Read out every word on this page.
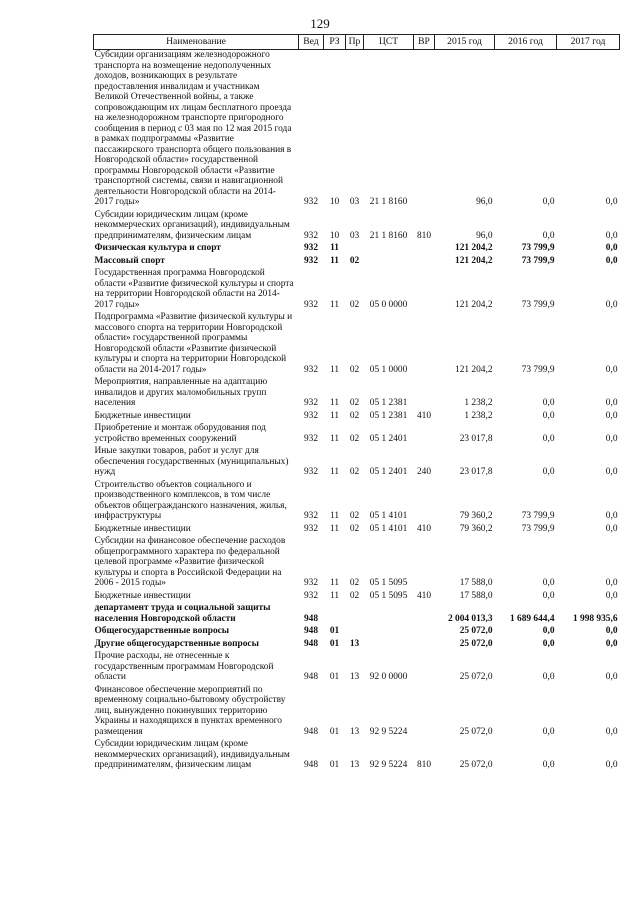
129
Наименование	Вед	РЗ	Пр	ЦСТ	ВР	2015 год	2016 год	2017 год
Субсидии организациям железнодорожного транспорта на возмещение недополученных доходов, возникающих в результате предоставления инвалидам и участникам Великой Отечественной войны, а также сопровождающим их лицам бесплатного проезда на железнодорожном транспорте пригородного сообщения в период с 03 мая по 12 мая 2015 года в рамках подпрограммы «Развитие пассажирского транспорта общего пользования в Новгородской области» государственной программы Новгородской области «Развитие транспортной системы, связи и навигационной деятельности Новгородской области на 2014-2017 годы»	932	10	03	21 1 8160		96,0	0,0	0,0
Субсидии юридическим лицам (кроме некоммерческих организаций), индивидуальным предпринимателям, физическим лицам	932	10	03	21 1 8160	810	96,0	0,0	0,0
Физическая культура и спорт	932	11				121 204,2	73 799,9	0,0
Массовый спорт	932	11	02			121 204,2	73 799,9	0,0
Государственная программа Новгородской области «Развитие физической культуры и спорта на территории Новгородской области на 2014-2017 годы»	932	11	02	05 0 0000		121 204,2	73 799,9	0,0
Подпрограмма «Развитие физической культуры и массового спорта на территории Новгородской области» государственной программы Новгородской области «Развитие физической культуры и спорта на территории Новгородской области на 2014-2017 годы»	932	11	02	05 1 0000		121 204,2	73 799,9	0,0
Мероприятия, направленные на адаптацию инвалидов и других маломобильных групп населения	932	11	02	05 1 2381		1 238,2	0,0	0,0
Бюджетные инвестиции	932	11	02	05 1 2381	410	1 238,2	0,0	0,0
Приобретение и монтаж оборудования под устройство временных сооружений	932	11	02	05 1 2401		23 017,8	0,0	0,0
Иные закупки товаров, работ и услуг для обеспечения государственных (муниципальных) нужд	932	11	02	05 1 2401	240	23 017,8	0,0	0,0
Строительство объектов социального и производственного комплексов, в том числе объектов общегражданского назначения, жилья, инфраструктуры	932	11	02	05 1 4101		79 360,2	73 799,9	0,0
Бюджетные инвестиции	932	11	02	05 1 4101	410	79 360,2	73 799,9	0,0
Субсидии на финансовое обеспечение расходов общепрограммного характера по федеральной целевой программе «Развитие физической культуры и спорта в Российской Федерации на 2006 - 2015 годы»	932	11	02	05 1 5095		17 588,0	0,0	0,0
Бюджетные инвестиции	932	11	02	05 1 5095	410	17 588,0	0,0	0,0
департамент труда и социальной защиты населения Новгородской области	948					2 004 013,3	1 689 644,4	1 998 935,6
Общегосударственные вопросы	948	01				25 072,0	0,0	0,0
Другие общегосударственные вопросы	948	01	13			25 072,0	0,0	0,0
Прочие расходы, не отнесенные к государственным программам Новгородской области	948	01	13	92 0 0000		25 072,0	0,0	0,0
Финансовое обеспечение мероприятий по временному социально-бытовому обустройству лиц, вынужденно покинувших территорию Украины и находящихся в пунктах временного размещения	948	01	13	92 9 5224		25 072,0	0,0	0,0
Субсидии юридическим лицам (кроме некоммерческих организаций), индивидуальным предпринимателям, физическим лицам	948	01	13	92 9 5224	810	25 072,0	0,0	0,0
